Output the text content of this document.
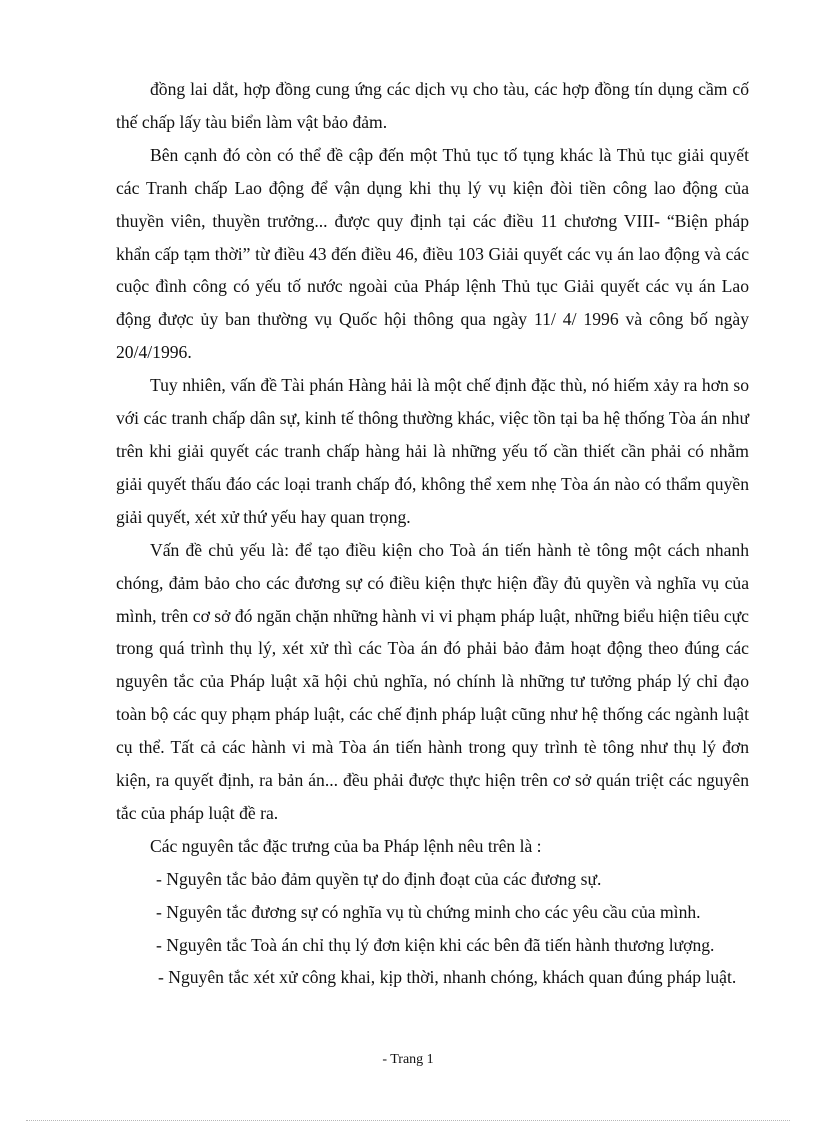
đồng lai dắt, hợp đồng cung ứng các dịch vụ cho tàu, các hợp đồng tín dụng cầm cố thế chấp lấy tàu biển làm vật bảo đảm.

Bên cạnh đó còn có thể đề cập đến một Thủ tục tố tụng khác là Thủ tục giải quyết các Tranh chấp Lao động để vận dụng khi thụ lý vụ kiện đòi tiền công lao động của thuyền viên, thuyền trưởng... được quy định tại các điều 11 chương VIII- “Biện pháp khẩn cấp tạm thời” từ điều 43 đến điều 46, điều 103 Giải quyết các vụ án lao động và các cuộc đình công có yếu tố nước ngoài của Pháp lệnh Thủ tục Giải quyết các vụ án Lao động được ủy ban thường vụ Quốc hội thông qua ngày 11/ 4/ 1996 và công bố ngày 20/4/1996.

Tuy nhiên, vấn đề Tài phán Hàng hải là một chế định đặc thù, nó hiếm xảy ra hơn so với các tranh chấp dân sự, kinh tế thông thường khác, việc tồn tại ba hệ thống Tòa án như trên khi giải quyết các tranh chấp hàng hải là những yếu tố cần thiết cần phải có nhằm giải quyết thấu đáo các loại tranh chấp đó, không thể xem nhẹ Tòa án nào có thẩm quyền giải quyết, xét xử thứ yếu hay quan trọng.

Vấn đề chủ yếu là: để tạo điều kiện cho Toà án tiến hành tè tông một cách nhanh chóng, đảm bảo cho các đương sự có điều kiện thực hiện đầy đủ quyền và nghĩa vụ của mình, trên cơ sở đó ngăn chặn những hành vi vi phạm pháp luật, những biểu hiện tiêu cực trong quá trình thụ lý, xét xử thì các Tòa án đó phải bảo đảm hoạt động theo đúng các nguyên tắc của Pháp luật xã hội chủ nghĩa, nó chính là những tư tưởng pháp lý chỉ đạo toàn bộ các quy phạm pháp luật, các chế định pháp luật cũng như hệ thống các ngành luật cụ thể. Tất cả các hành vi mà Tòa án tiến hành trong quy trình tè tông như thụ lý đơn kiện, ra quyết định, ra bản án... đều phải được thực hiện trên cơ sở quán triệt các nguyên tắc của pháp luật đề ra.

Các nguyên tắc đặc trưng của ba Pháp lệnh nêu trên là :

- Nguyên tắc bảo đảm quyền tự do định đoạt của các đương sự.

- Nguyên tắc đương sự có nghĩa vụ tù chứng minh cho các yêu cầu của mình.

- Nguyên tắc Toà án chỉ thụ lý đơn kiện khi các bên đã tiến hành thương lượng.

- Nguyên tắc xét xử công khai, kịp thời, nhanh chóng, khách quan đúng pháp luật.

- Trang 1
